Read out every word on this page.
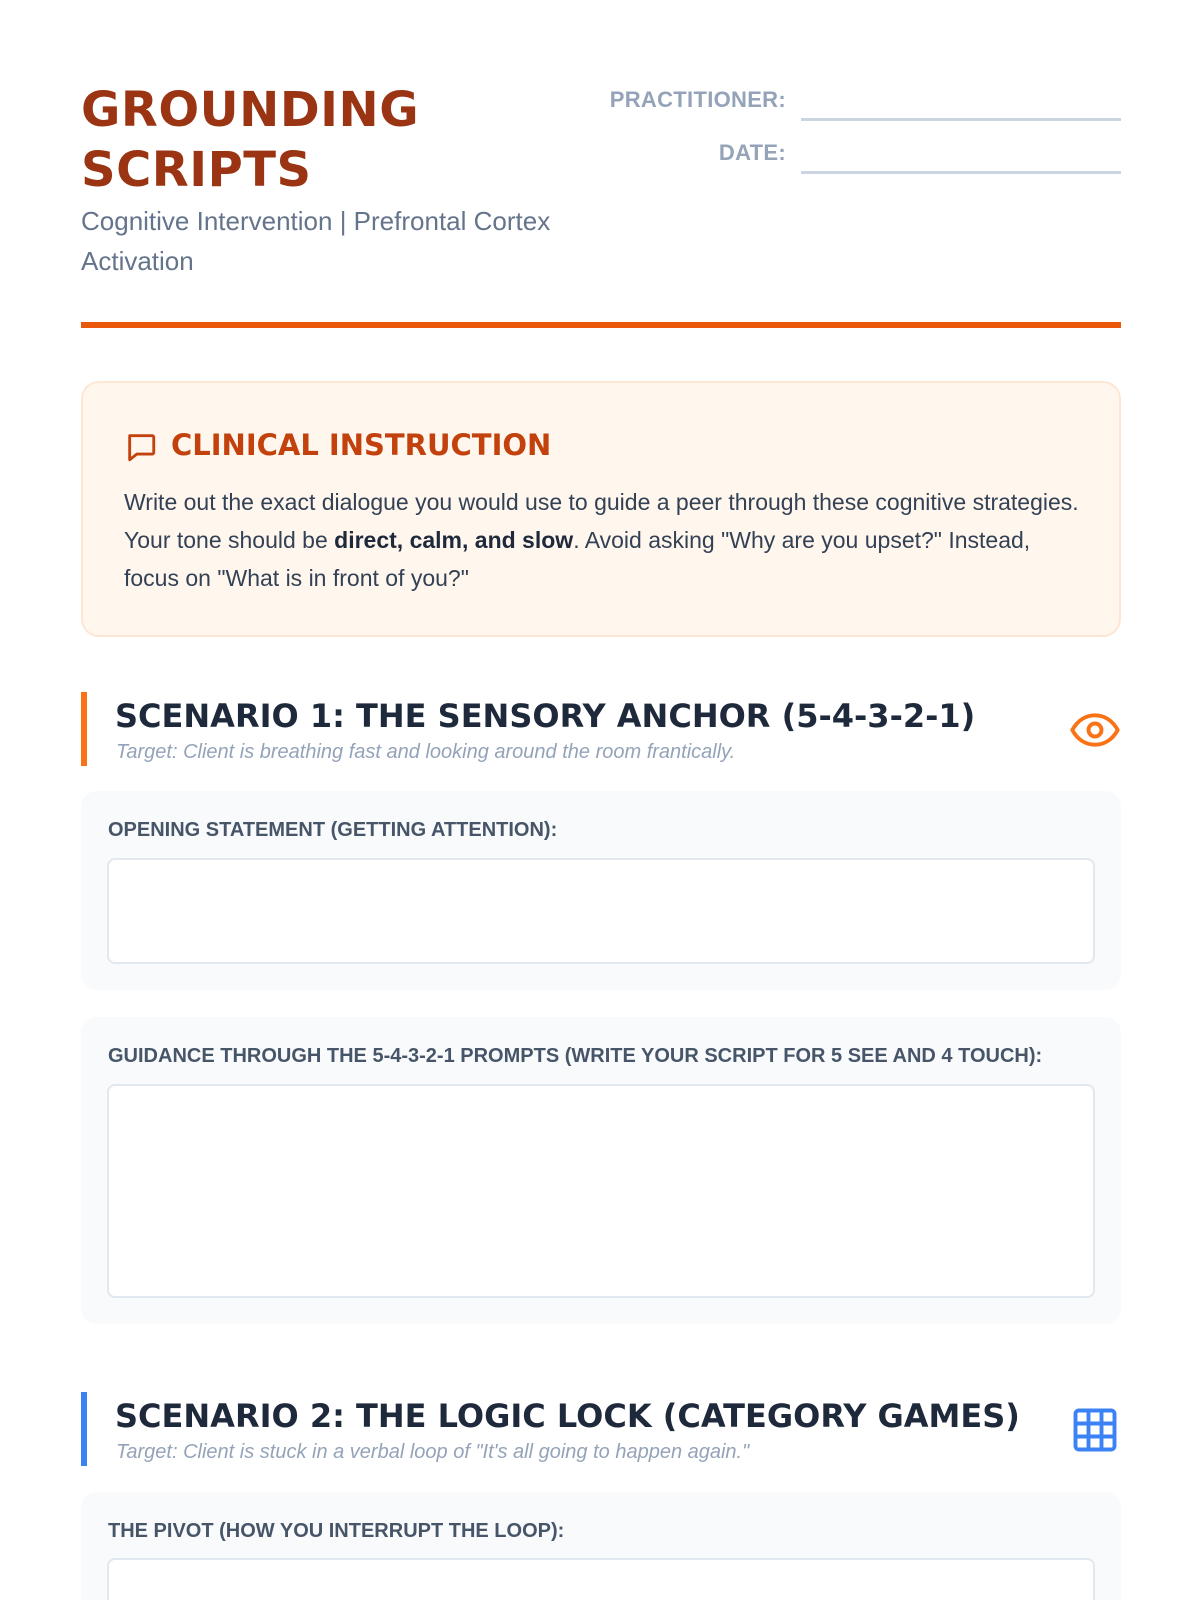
GROUNDING SCRIPTS
Cognitive Intervention | Prefrontal Cortex Activation
PRACTITIONER:
DATE:
CLINICAL INSTRUCTION

Write out the exact dialogue you would use to guide a peer through these cognitive strategies. Your tone should be direct, calm, and slow. Avoid asking "Why are you upset?" Instead, focus on "What is in front of you?"

SCENARIO 1: THE SENSORY ANCHOR (5-4-3-2-1)
Target: Client is breathing fast and looking around the room frantically.
OPENING STATEMENT (GETTING ATTENTION):
GUIDANCE THROUGH THE 5-4-3-2-1 PROMPTS (WRITE YOUR SCRIPT FOR 5 SEE AND 4 TOUCH):
SCENARIO 2: THE LOGIC LOCK (CATEGORY GAMES)
Target: Client is stuck in a verbal loop of "It's all going to happen again."
THE PIVOT (HOW YOU INTERRUPT THE LOOP):
